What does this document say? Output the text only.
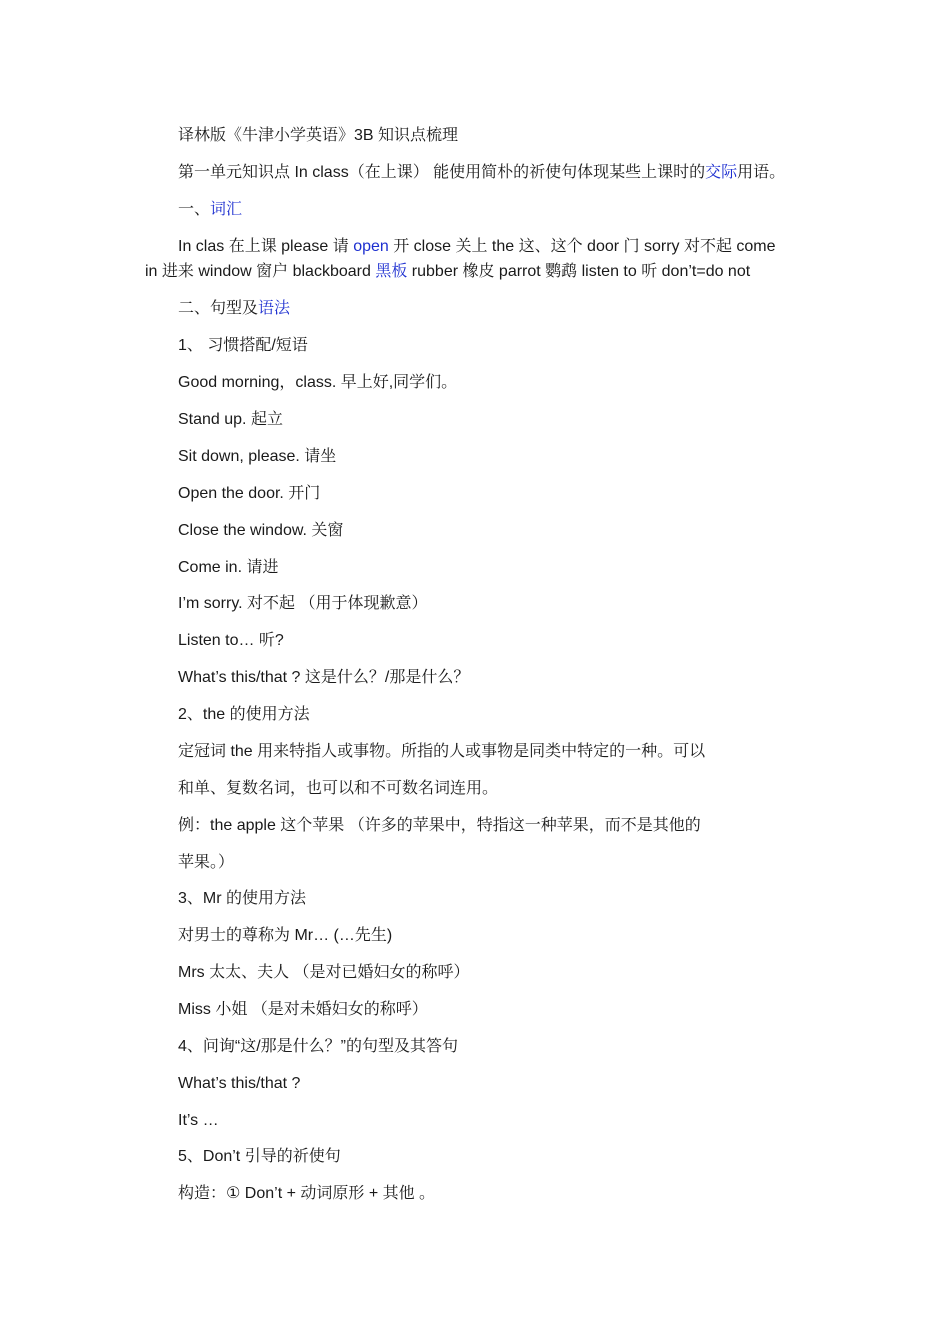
译林版《牛津小学英语》3B 知识点梳理
第一单元知识点 In class（在上课） 能使用简朴的祈使句体现某些上课时的交际用语。
一、词汇
In clas 在上课 please 请 open 开 close 关上 the 这、这个 door 门 sorry 对不起 come
in 进来 window 窗户 blackboard 黑板 rubber 橡皮 parrot 鹦鹉 listen to 听 don’t=do not
二、句型及语法
1、 习惯搭配/短语
Good morning，class. 早上好,同学们。
Stand up. 起立
Sit down, please. 请坐
Open the door. 开门
Close the window. 关窗
Come in. 请进
I’m sorry. 对不起 （用于体现歉意）
Listen to… 听?
What’s this/that ? 这是什么？/那是什么？
2、the 的使用方法
定冠词 the 用来特指人或事物。所指的人或事物是同类中特定的一种。可以
和单、复数名词，也可以和不可数名词连用。
例：the apple 这个苹果 （许多的苹果中，特指这一种苹果，而不是其他的
苹果。）
3、Mr 的使用方法
对男士的尊称为 Mr… (…先生)
Mrs 太太、夫人 （是对已婚妇女的称呼）
Miss 小姐 （是对未婚妇女的称呼）
4、问询“这/那是什么？”的句型及其答句
What’s this/that ?
It’s …
5、Don’t 引导的祈使句
构造：① Don’t + 动词原形 + 其他 。
